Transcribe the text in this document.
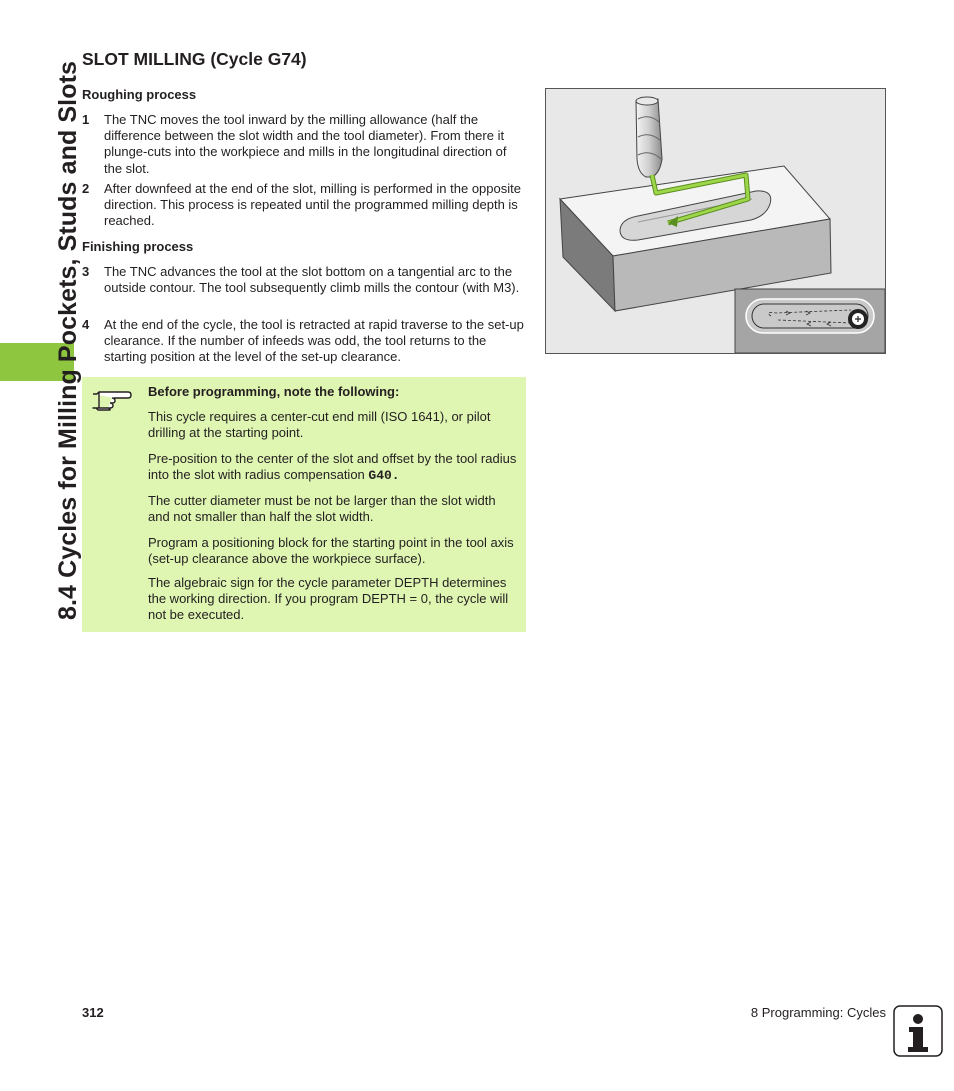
8.4 Cycles for Milling Pockets, Studs and Slots
SLOT MILLING (Cycle G74)
Roughing process
1 The TNC moves the tool inward by the milling allowance (half the difference between the slot width and the tool diameter). From there it plunge-cuts into the workpiece and mills in the longitudinal direction of the slot.
2 After downfeed at the end of the slot, milling is performed in the opposite direction. This process is repeated until the programmed milling depth is reached.
Finishing process
3 The TNC advances the tool at the slot bottom on a tangential arc to the outside contour. The tool subsequently climb mills the contour (with M3).
4 At the end of the cycle, the tool is retracted at rapid traverse to the set-up clearance. If the number of infeeds was odd, the tool returns to the starting position at the level of the set-up clearance.

Before programming, note the following:

This cycle requires a center-cut end mill (ISO 1641), or pilot drilling at the starting point.

Pre-position to the center of the slot and offset by the tool radius into the slot with radius compensation G40.

The cutter diameter must be not be larger than the slot width and not smaller than half the slot width.

Program a positioning block for the starting point in the tool axis (set-up clearance above the workpiece surface).

The algebraic sign for the cycle parameter DEPTH determines the working direction. If you program DEPTH = 0, the cycle will not be executed.

312	8 Programming: Cycles
